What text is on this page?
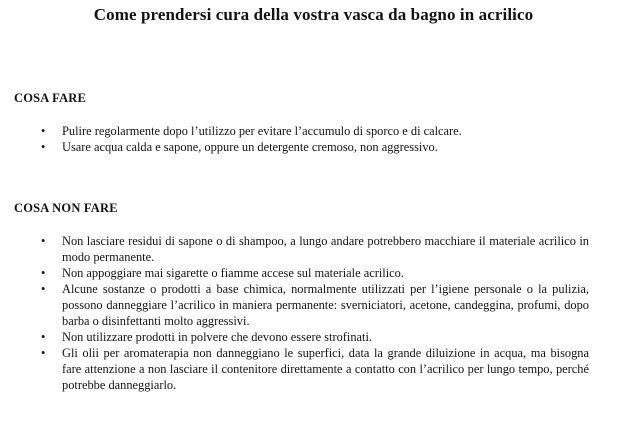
Come prendersi cura della vostra vasca da bagno in acrilico
COSA FARE
• Pulire regolarmente dopo l’utilizzo per evitare l’accumulo di sporco e di calcare.
• Usare acqua calda e sapone, oppure un detergente cremoso, non aggressivo.
COSA NON FARE
• Non lasciare residui di sapone o di shampoo, a lungo andare potrebbero macchiare il materiale acrilico in modo permanente.
• Non appoggiare mai sigarette o fiamme accese sul materiale acrilico.
• Alcune sostanze o prodotti a base chimica, normalmente utilizzati per l’igiene personale o la pulizia, possono danneggiare l’acrilico in maniera permanente: sverniciatori, acetone, candeggina, profumi, dopo barba o disinfettanti molto aggressivi.
• Non utilizzare prodotti in polvere che devono essere strofinati.
• Gli olii per aromaterapia non danneggiano le superfici, data la grande diluizione in acqua, ma bisogna fare attenzione a non lasciare il contenitore direttamente a contatto con l’acrilico per lungo tempo, perché potrebbe danneggiarlo.
